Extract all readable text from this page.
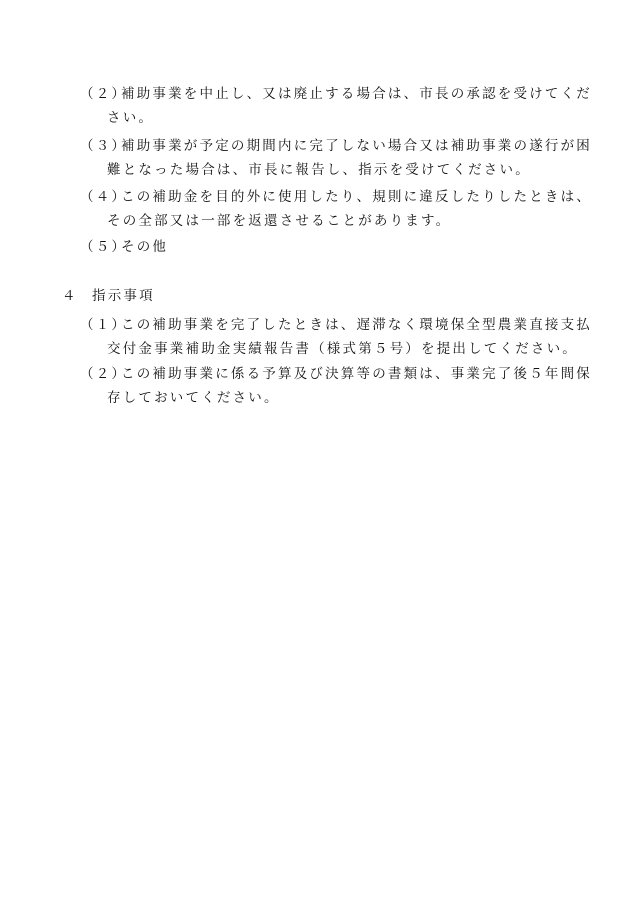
（２）
補助事業を中止し、又は廃止する場合は、市長の承認を受けてくだ
さい。
（３）
補助事業が予定の期間内に完了しない場合又は補助事業の遂行が困
難となった場合は、市長に報告し、指示を受けてください。
（４）
この補助金を目的外に使用したり、規則に違反したりしたときは、
その全部又は一部を返還させることがあります。
（５）
その他
４ 指示事項
（１）
この補助事業を完了したときは、遅滞なく環境保全型農業直接支払
交付金事業補助金実績報告書（様式第５号）を提出してください。
（２）
この補助事業に係る予算及び決算等の書類は、事業完了後５年間保
存しておいてください。
